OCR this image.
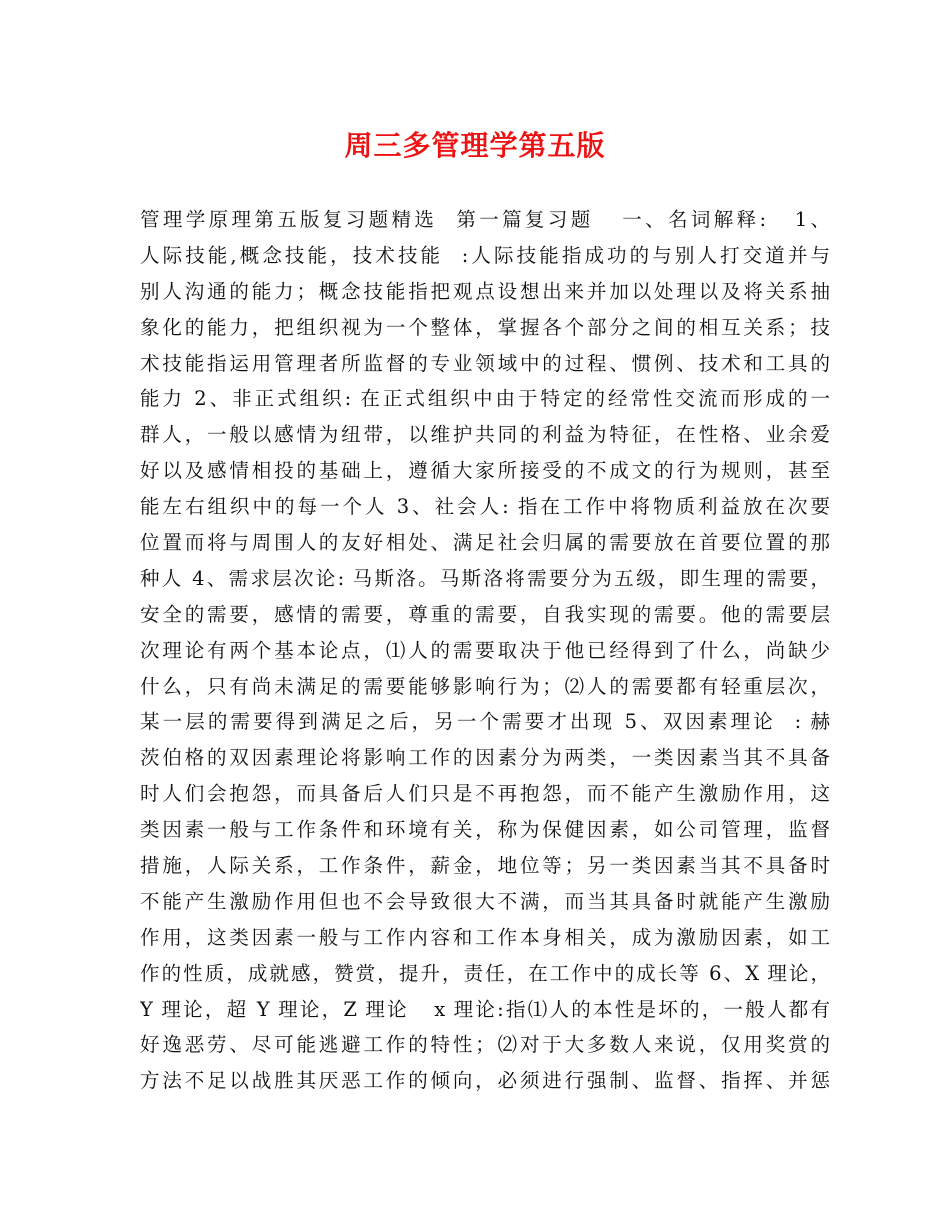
周三多管理学第五版
管理学原理第五版复习题精选  第一篇复习题   一、名词解释:   1、
人际技能,概念技能，技术技能  :人际技能指成功的与别人打交道并与
别人沟通的能力；概念技能指把观点设想出来并加以处理以及将关系抽
象化的能力，把组织视为一个整体，掌握各个部分之间的相互关系；技
术技能指运用管理者所监督的专业领域中的过程、惯例、技术和工具的
能力 2、非正式组织: 在正式组织中由于特定的经常性交流而形成的一
群人，一般以感情为纽带，以维护共同的利益为特征，在性格、业余爱
好以及感情相投的基础上，遵循大家所接受的不成文的行为规则，甚至
能左右组织中的每一个人 3、社会人: 指在工作中将物质利益放在次要
位置而将与周围人的友好相处、满足社会归属的需要放在首要位置的那
种人 4、需求层次论: 马斯洛。马斯洛将需要分为五级，即生理的需要，
安全的需要，感情的需要，尊重的需要，自我实现的需要。他的需要层
次理论有两个基本论点，⑴人的需要取决于他已经得到了什么，尚缺少
什么，只有尚未满足的需要能够影响行为；⑵人的需要都有轻重层次，
某一层的需要得到满足之后，另一个需要才出现 5、双因素理论  : 赫
茨伯格的双因素理论将影响工作的因素分为两类，一类因素当其不具备
时人们会抱怨，而具备后人们只是不再抱怨，而不能产生激励作用，这
类因素一般与工作条件和环境有关，称为保健因素，如公司管理，监督
措施，人际关系，工作条件，薪金，地位等；另一类因素当其不具备时
不能产生激励作用但也不会导致很大不满，而当其具备时就能产生激励
作用，这类因素一般与工作内容和工作本身相关，成为激励因素，如工
作的性质，成就感，赞赏，提升，责任，在工作中的成长等 6、X 理论，
Y 理论，超 Y 理论，Z 理论   x 理论:指⑴人的本性是坏的，一般人都有
好逸恶劳、尽可能逃避工作的特性；⑵对于大多数人来说，仅用奖赏的
方法不足以战胜其厌恶工作的倾向，必须进行强制、监督、指挥、并惩
